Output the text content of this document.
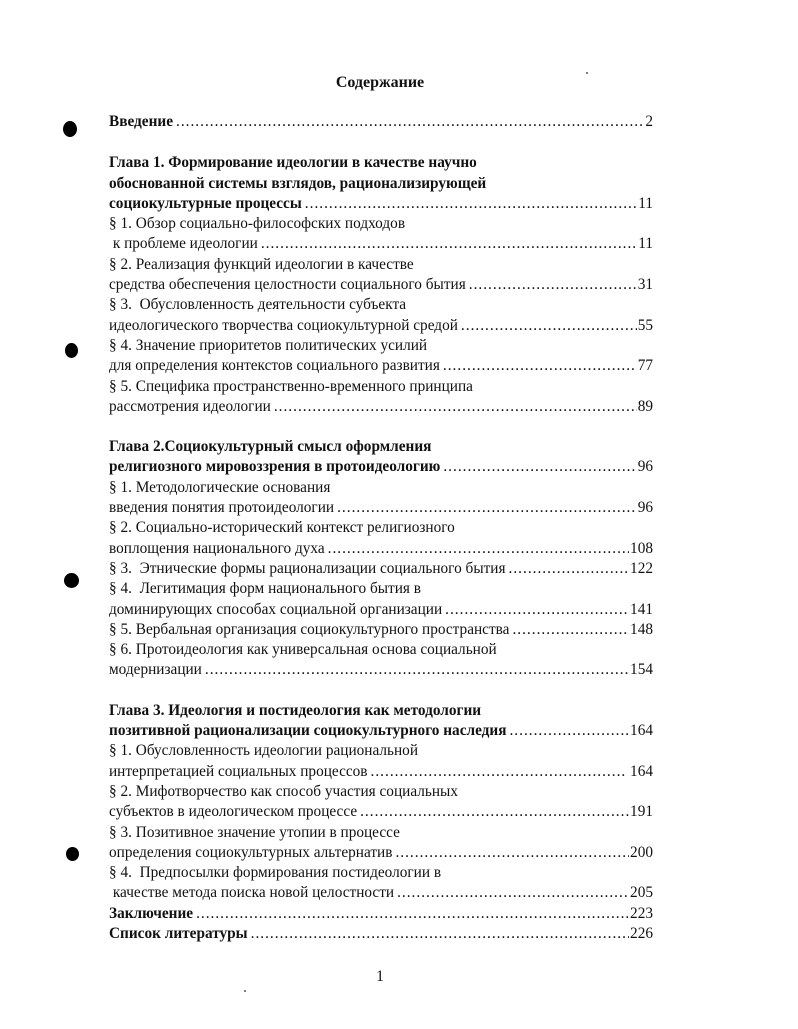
Содержание
Введение .....	2
Глава 1. Формирование идеологии в качестве научно
обоснованной системы взглядов, рационализирующей
социокультурные процессы .....	11
§ 1. Обзор социально-философских подходов
к проблеме идеологии .....	11
§ 2. Реализация функций идеологии в качестве
средства обеспечения целостности социального бытия .....	31
§ 3.  Обусловленность деятельности субъекта
идеологического творчества социокультурной средой .....	55
§ 4. Значение приоритетов политических усилий
для определения контекстов социального развития .....	77
§ 5. Специфика пространственно-временного принципа
рассмотрения идеологии .....	89
Глава 2.Социокультурный смысл оформления
религиозного мировоззрения в протоидеологию .....	96
§ 1. Методологические основания
введения понятия протоидеологии .....	96
§ 2. Социально-исторический контекст религиозного
воплощения национального духа .....	108
§ 3.  Этнические формы рационализации социального бытия .....	122
§ 4.  Легитимация форм национального бытия в
доминирующих способах социальной организации .....	141
§ 5. Вербальная организация социокультурного пространства .....	148
§ 6. Протоидеология как универсальная основа социальной
модернизации .....	154
Глава 3. Идеология и постидеология как методологии
позитивной рационализации социокультурного наследия .....	164
§ 1. Обусловленность идеологии рациональной
интерпретацией социальных процессов .....	164
§ 2. Мифотворчество как способ участия социальных
субъектов в идеологическом процессе .....	191
§ 3. Позитивное значение утопии в процессе
определения социокультурных альтернатив .....	200
§ 4.  Предпосылки формирования постидеологии в
качестве метода поиска новой целостности .....	205
Заключение .....	223
Список литературы .....	226
1
